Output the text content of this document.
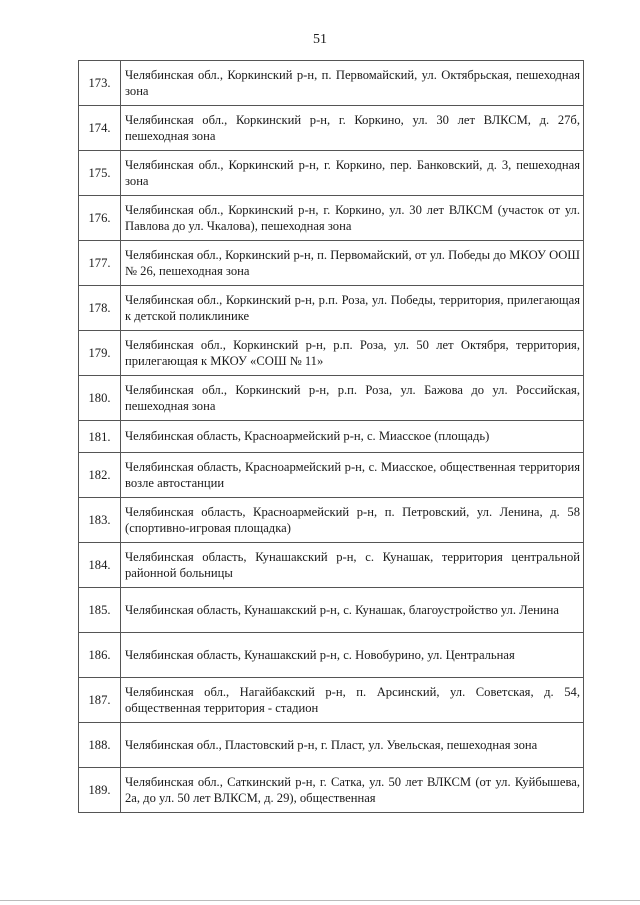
51
173.	Челябинская обл., Коркинский р-н, п. Первомайский, ул. Октябрьская, пешеходная зона
174.	Челябинская обл., Коркинский р-н, г. Коркино, ул. 30 лет ВЛКСМ, д. 27б, пешеходная зона
175.	Челябинская обл., Коркинский р-н, г. Коркино, пер. Банковский, д. 3, пешеходная зона
176.	Челябинская обл., Коркинский р-н, г. Коркино, ул. 30 лет ВЛКСМ (участок от ул. Павлова до ул. Чкалова), пешеходная зона
177.	Челябинская обл., Коркинский р-н, п. Первомайский, от ул. Победы до МКОУ ООШ № 26, пешеходная зона
178.	Челябинская обл., Коркинский р-н, р.п. Роза, ул. Победы, территория, прилегающая к детской поликлинике
179.	Челябинская обл., Коркинский р-н, р.п. Роза, ул. 50 лет Октября, территория, прилегающая к МКОУ «СОШ № 11»
180.	Челябинская обл., Коркинский р-н, р.п. Роза, ул. Бажова до ул. Российская, пешеходная зона
181.	Челябинская область, Красноармейский р-н, с. Миасское (площадь)
182.	Челябинская область, Красноармейский р-н, с. Миасское, общественная территория возле автостанции
183.	Челябинская область, Красноармейский р-н, п. Петровский, ул. Ленина, д. 58 (спортивно-игровая площадка)
184.	Челябинская область, Кунашакский р-н, с. Кунашак, территория центральной районной больницы
185.	Челябинская область, Кунашакский р-н, с. Кунашак, благоустройство ул. Ленина
186.	Челябинская область, Кунашакский р-н, с. Новобурино, ул. Центральная
187.	Челябинская обл., Нагайбакский р-н, п. Арсинский, ул. Советская, д. 54, общественная территория - стадион
188.	Челябинская обл., Пластовский р-н, г. Пласт, ул. Увельская, пешеходная зона
189.	Челябинская обл., Саткинский р-н, г. Сатка, ул. 50 лет ВЛКСМ (от ул. Куйбышева, 2а, до ул. 50 лет ВЛКСМ, д. 29), общественная
